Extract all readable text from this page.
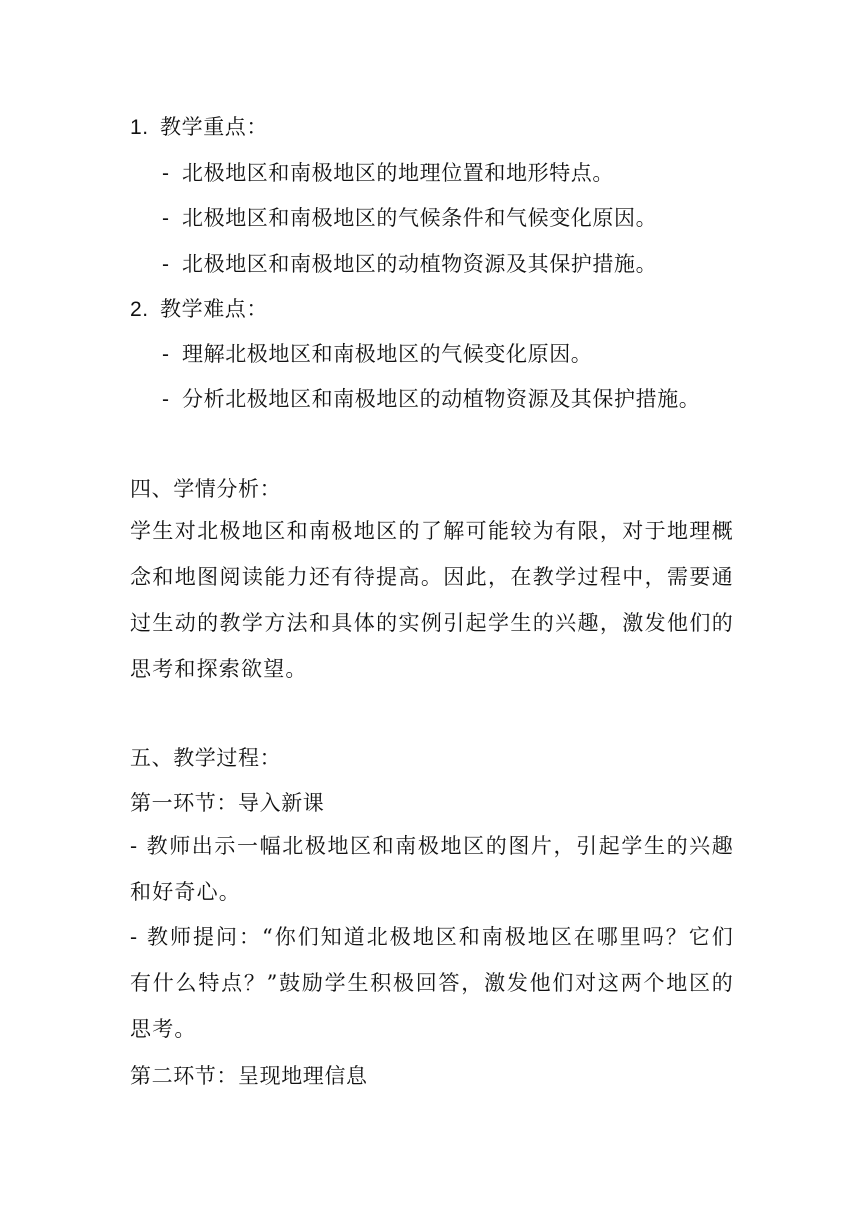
1. 教学重点：
- 北极地区和南极地区的地理位置和地形特点。
- 北极地区和南极地区的气候条件和气候变化原因。
- 北极地区和南极地区的动植物资源及其保护措施。
2. 教学难点：
- 理解北极地区和南极地区的气候变化原因。
- 分析北极地区和南极地区的动植物资源及其保护措施。
四、学情分析：
学生对北极地区和南极地区的了解可能较为有限，对于地理概念和地图阅读能力还有待提高。因此，在教学过程中，需要通过生动的教学方法和具体的实例引起学生的兴趣，激发他们的思考和探索欲望。
五、教学过程：
第一环节：导入新课
- 教师出示一幅北极地区和南极地区的图片，引起学生的兴趣和好奇心。
- 教师提问：“你们知道北极地区和南极地区在哪里吗？它们有什么特点？”鼓励学生积极回答，激发他们对这两个地区的思考。
第二环节：呈现地理信息
